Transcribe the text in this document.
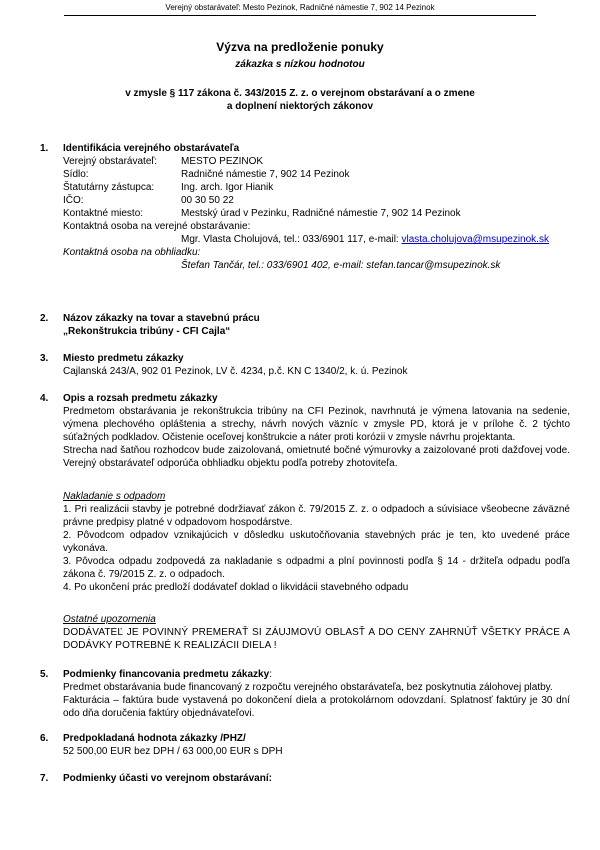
Verejný obstarávateľ: Mesto Pezinok, Radničné námestie 7, 902 14 Pezinok
Výzva na predloženie ponuky
zákazka s nízkou hodnotou
v zmysle § 117 zákona č. 343/2015 Z. z. o verejnom obstarávaní a o zmene
a doplnení niektorých zákonov
1. Identifikácia verejného obstarávateľa
Verejný obstarávateľ:	MESTO PEZINOK
Sídlo:	Radničné námestie 7, 902 14 Pezinok
Štatutárny zástupca:	Ing. arch. Igor Hianik
IČO:	00 30 50 22
Kontaktné miesto:	Mestský úrad v Pezinku, Radničné námestie 7, 902 14 Pezinok
Kontaktná osoba na verejné obstarávanie:
Mgr. Vlasta Cholujová, tel.: 033/6901 117, e-mail: vlasta.cholujova@msupezinok.sk
Kontaktná osoba na obhliadku:
Štefan Tančár, tel.: 033/6901 402, e-mail: stefan.tancar@msupezinok.sk
2. Názov zákazky na tovar a stavebnú prácu
„Rekonštrukcia tribúny - CFI Cajla“
3. Miesto predmetu zákazky
Cajlanská 243/A, 902 01 Pezinok, LV č. 4234, p.č. KN C 1340/2, k. ú. Pezinok
4. Opis a rozsah predmetu zákazky
Predmetom obstarávania je rekonštrukcia tribúny na CFI Pezinok, navrhnutá je výmena latovania na sedenie, výmena plechového opláštenia a strechy, návrh nových väzníc v zmysle PD, ktorá je v prílohe č. 2 týchto súťažných podkladov. Očistenie oceľovej konštrukcie a náter proti korózii v zmysle návrhu projektanta.
Strecha nad šatňou rozhodcov bude zaizolovaná, omietnuté bočné výmurovky a zaizolované proti dažďovej vode. Verejný obstarávateľ odporúča obhliadku objektu podľa potreby zhotoviteľa.
Nakladanie s odpadom
1. Pri realizácii stavby je potrebné dodržiavať zákon č. 79/2015 Z. z. o odpadoch a súvisiace všeobecne záväzné právne predpisy platné v odpadovom hospodárstve.
2. Pôvodcom odpadov vznikajúcich v dôsledku uskutočňovania stavebných prác je ten, kto uvedené práce vykonáva.
3. Pôvodca odpadu zodpovedá za nakladanie s odpadmi a plní povinnosti podľa § 14 - držiteľa odpadu podľa zákona č. 79/2015 Z. z. o odpadoch.
4. Po ukončení prác predloží dodávateľ doklad o likvidácii stavebného odpadu
Ostatné upozornenia
DODÁVATEĽ JE POVINNÝ PREMERAŤ SI ZÁUJMOVÚ OBLASŤ A DO CENY ZAHRNÚŤ VŠETKY PRÁCE A DODÁVKY POTREBNÉ K REALIZÁCII DIELA !
5. Podmienky financovania predmetu zákazky:
Predmet obstarávania bude financovaný z rozpočtu verejného obstarávateľa, bez poskytnutia zálohovej platby.
Fakturácia – faktúra bude vystavená po dokončení diela a protokolárnom odovzdaní. Splatnosť faktúry je 30 dní odo dňa doručenia faktúry objednávateľovi.
6. Predpokladaná hodnota zákazky /PHZ/
52 500,00 EUR bez DPH / 63 000,00 EUR s DPH
7. Podmienky účasti vo verejnom obstarávaní:
